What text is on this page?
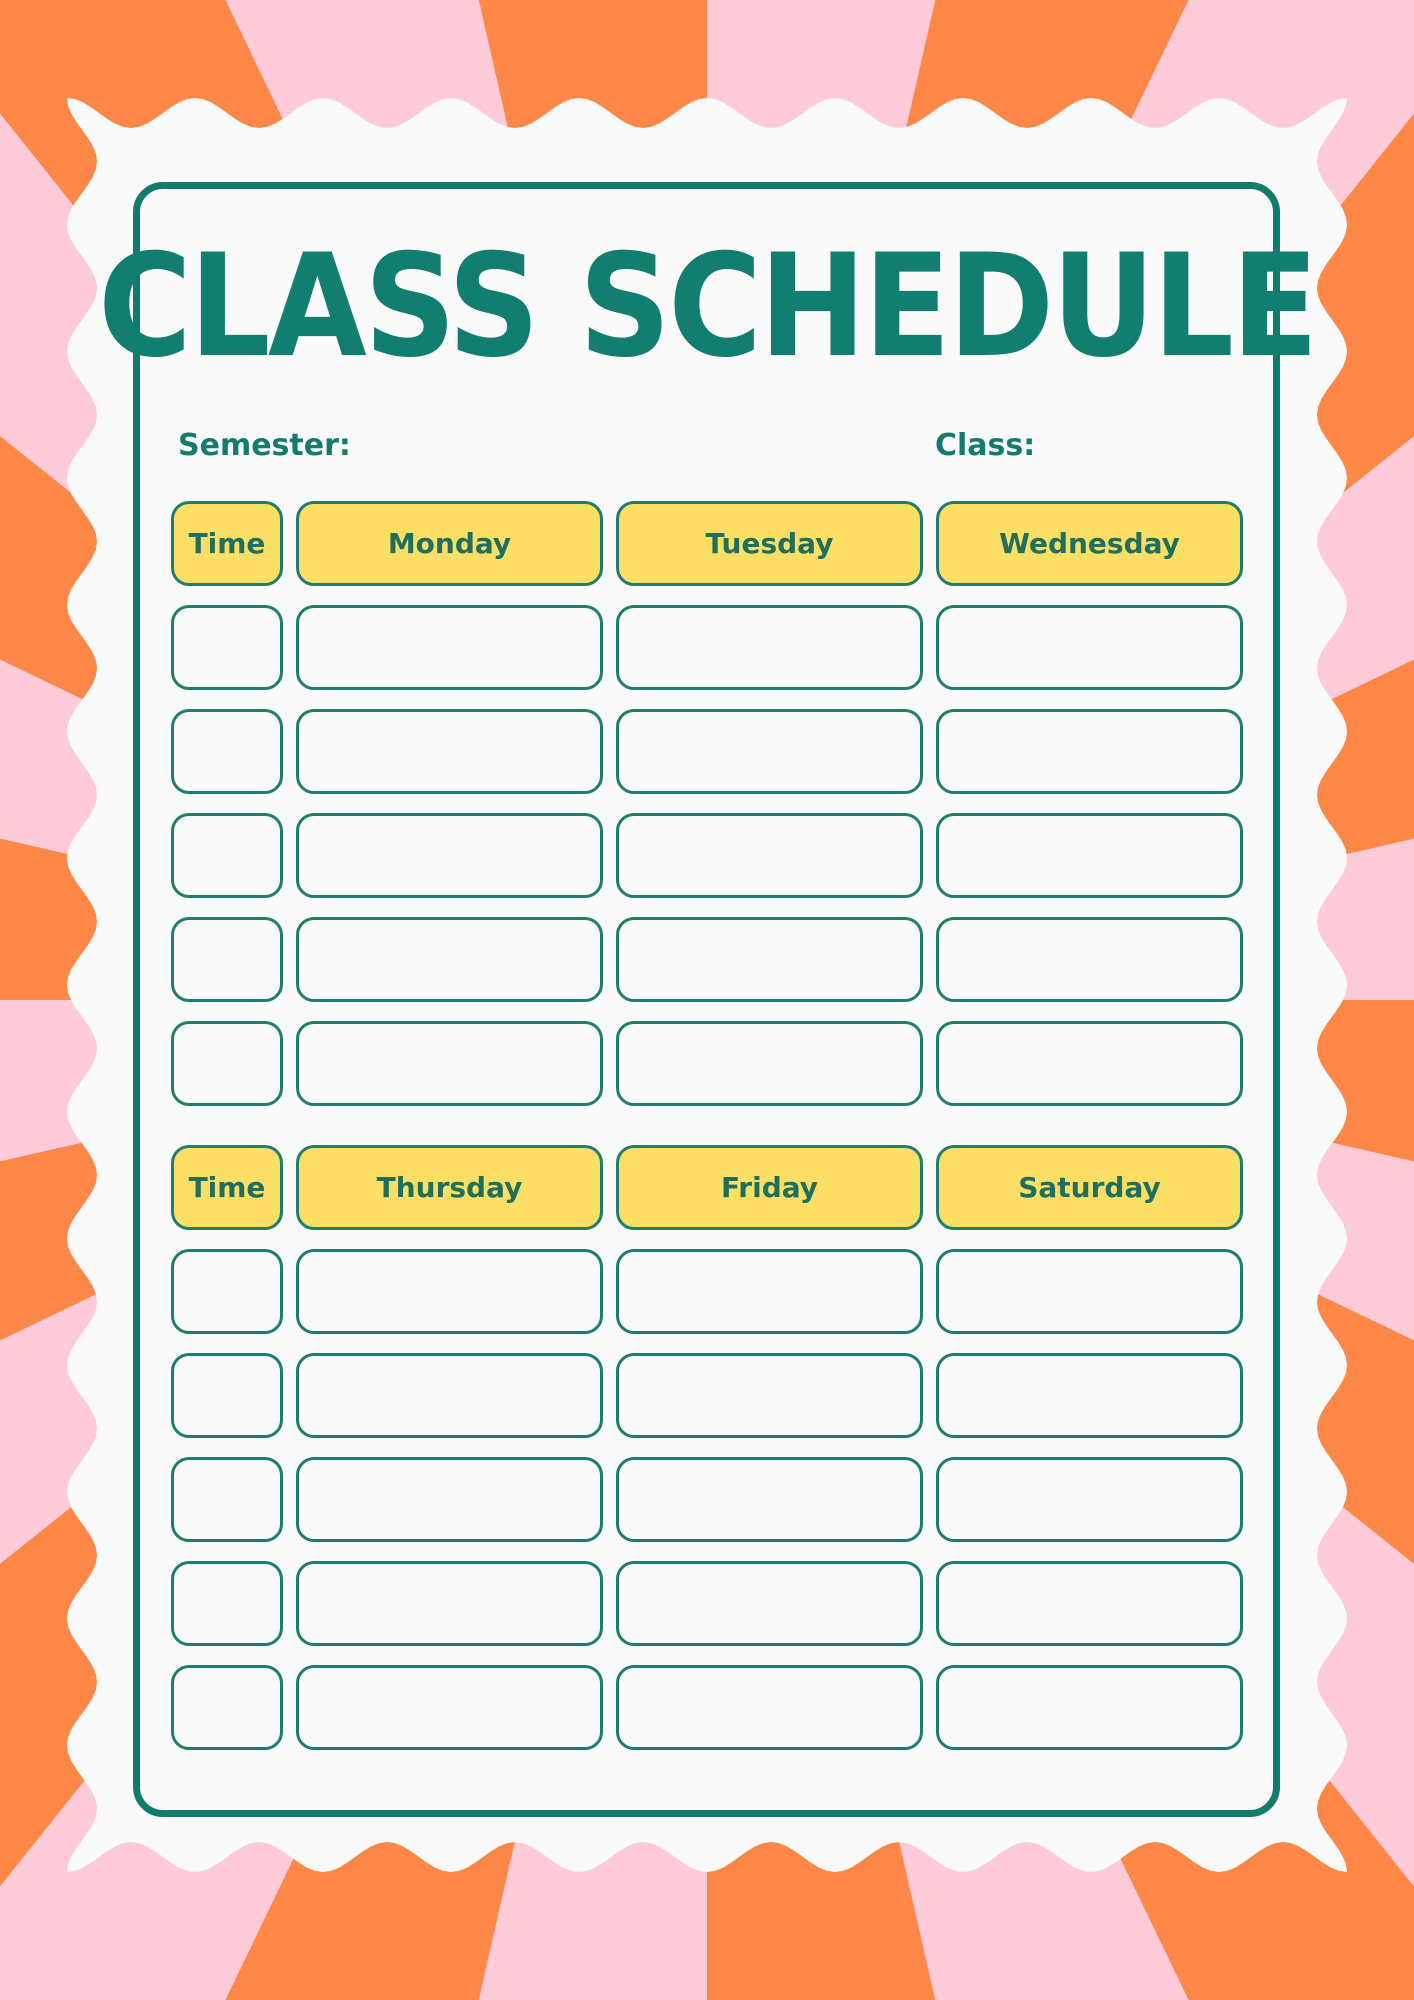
CLASS SCHEDULE
Semester:	Class:
Time	Monday	Tuesday	Wednesday
Time	Thursday	Friday	Saturday
